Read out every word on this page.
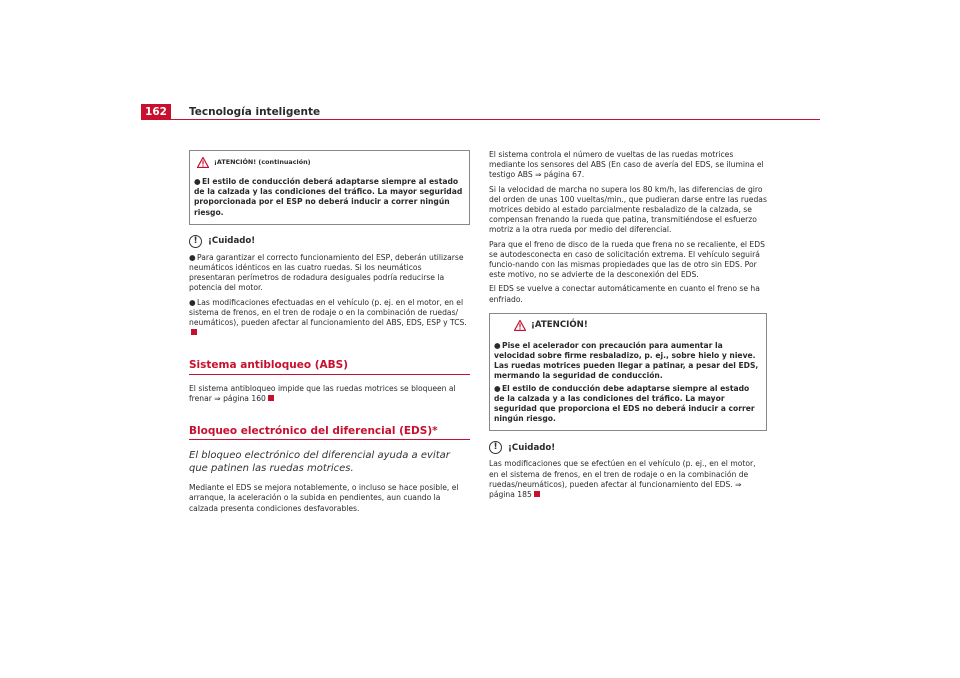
162	Tecnología inteligente
¡ATENCIÓN! (continuación)
●El estilo de conducción deberá adaptarse siempre al estado de la calzada y las condiciones del tráfico. La mayor seguridad proporcionada por el ESP no deberá inducir a correr ningún riesgo.
!	¡Cuidado!
●Para garantizar el correcto funcionamiento del ESP, deberán utilizarse neumáticos idénticos en las cuatro ruedas. Si los neumáticos presentaran perímetros de rodadura desiguales podría reducirse la potencia del motor.
●Las modificaciones efectuadas en el vehículo (p. ej. en el motor, en el sistema de frenos, en el tren de rodaje o en la combinación de ruedas/ neumáticos), pueden afectar al funcionamiento del ABS, EDS, ESP y TCS.
Sistema antibloqueo (ABS)
El sistema antibloqueo impide que las ruedas motrices se bloqueen al frenar ⇒ página 160
Bloqueo electrónico del diferencial (EDS)*
El bloqueo electrónico del diferencial ayuda a evitar que patinen las ruedas motrices.
Mediante el EDS se mejora notablemente, o incluso se hace posible, el arranque, la aceleración o la subida en pendientes, aun cuando la calzada presenta condiciones desfavorables.
El sistema controla el número de vueltas de las ruedas motrices mediante los sensores del ABS (En caso de avería del EDS, se ilumina el testigo ABS ⇒ página 67.
Si la velocidad de marcha no supera los 80 km/h, las diferencias de giro del orden de unas 100 vueltas/min., que pudieran darse entre las ruedas motrices debido al estado parcialmente resbaladizo de la calzada, se compensan frenando la rueda que patina, transmitiéndose el esfuerzo motriz a la otra rueda por medio del diferencial.
Para que el freno de disco de la rueda que frena no se recaliente, el EDS se autodesconecta en caso de solicitación extrema. El vehículo seguirá funcio-nando con las mismas propiedades que las de otro sin EDS. Por este motivo, no se advierte de la desconexión del EDS.
El EDS se vuelve a conectar automáticamente en cuanto el freno se ha enfriado.
¡ATENCIÓN!
●Pise el acelerador con precaución para aumentar la velocidad sobre firme resbaladizo, p. ej., sobre hielo y nieve. Las ruedas motrices pueden llegar a patinar, a pesar del EDS, mermando la seguridad de conducción.
●El estilo de conducción debe adaptarse siempre al estado de la calzada y a las condiciones del tráfico. La mayor seguridad que proporciona el EDS no deberá inducir a correr ningún riesgo.
!	¡Cuidado!
Las modificaciones que se efectúen en el vehículo (p. ej., en el motor, en el sistema de frenos, en el tren de rodaje o en la combinación de ruedas/neumáticos), pueden afectar al funcionamiento del EDS. ⇒ página 185
